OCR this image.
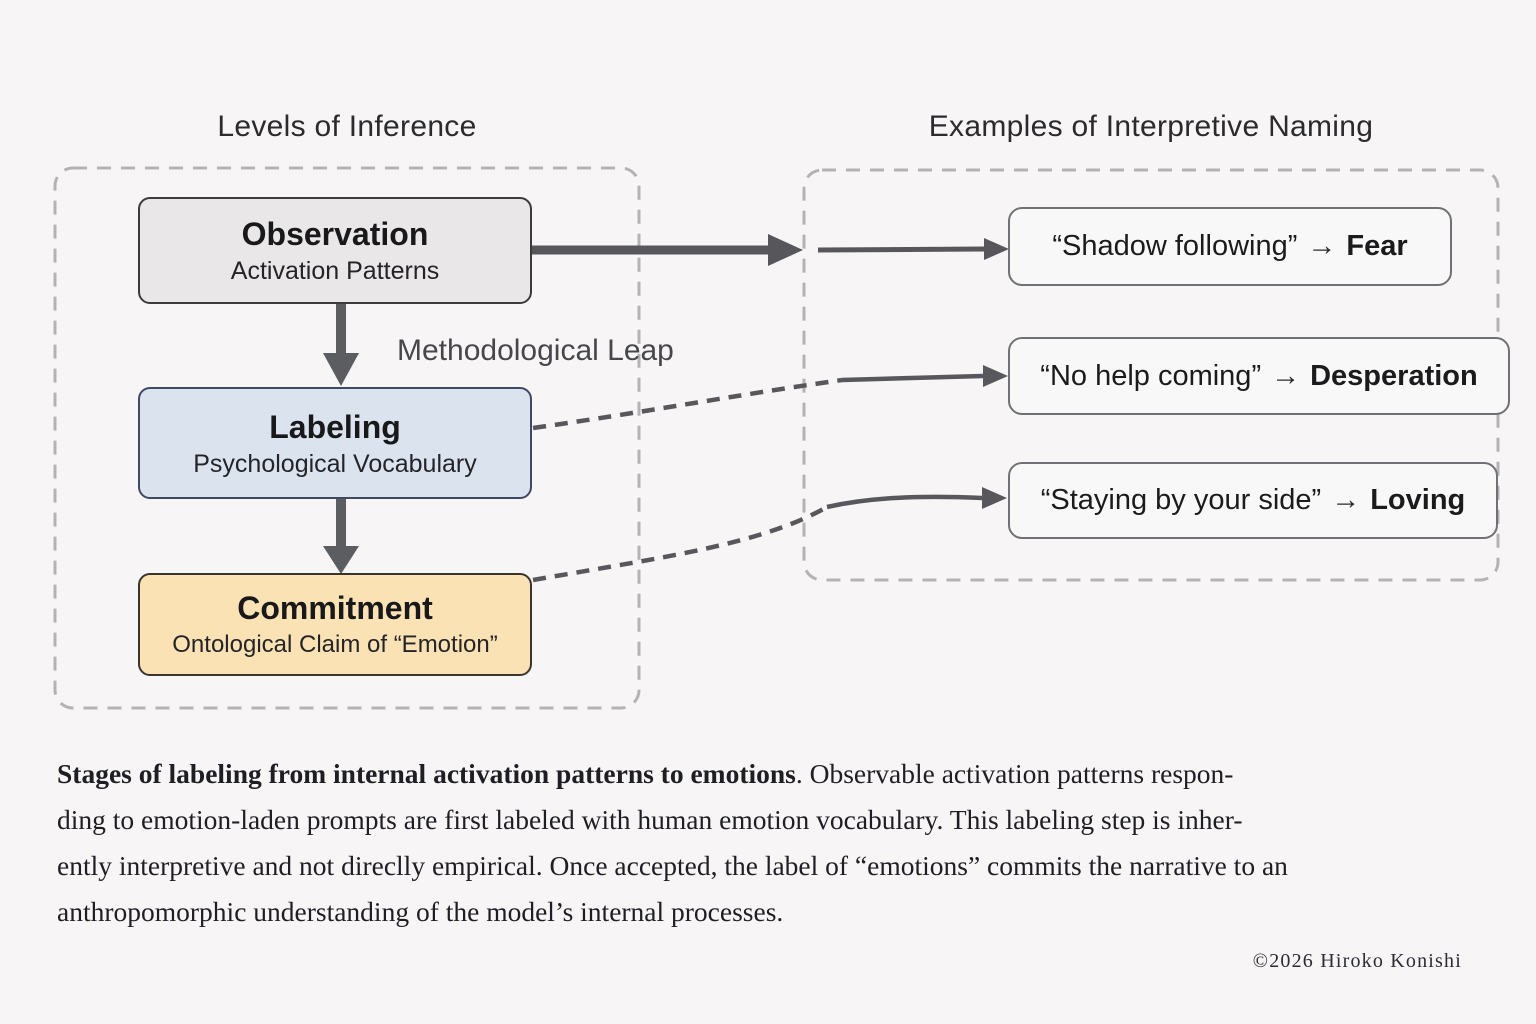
Levels of Inference	Examples of Interpretive Naming
Observation
Activation Patterns
Methodological Leap
Labeling
Psychological Vocabulary
Commitment
Ontological Claim of “Emotion”
“Shadow following” → Fear
“No help coming” → Desperation
“Staying by your side” → Loving
Stages of labeling from internal activation patterns to emotions. Observable activation patterns respon-
ding to emotion-laden prompts are first labeled with human emotion vocabulary. This labeling step is inher-
ently interpretive and not direclly empirical. Once accepted, the label of “emotions” commits the narrative to an
anthropomorphic understanding of the model’s internal processes.
©2026 Hiroko Konishi
